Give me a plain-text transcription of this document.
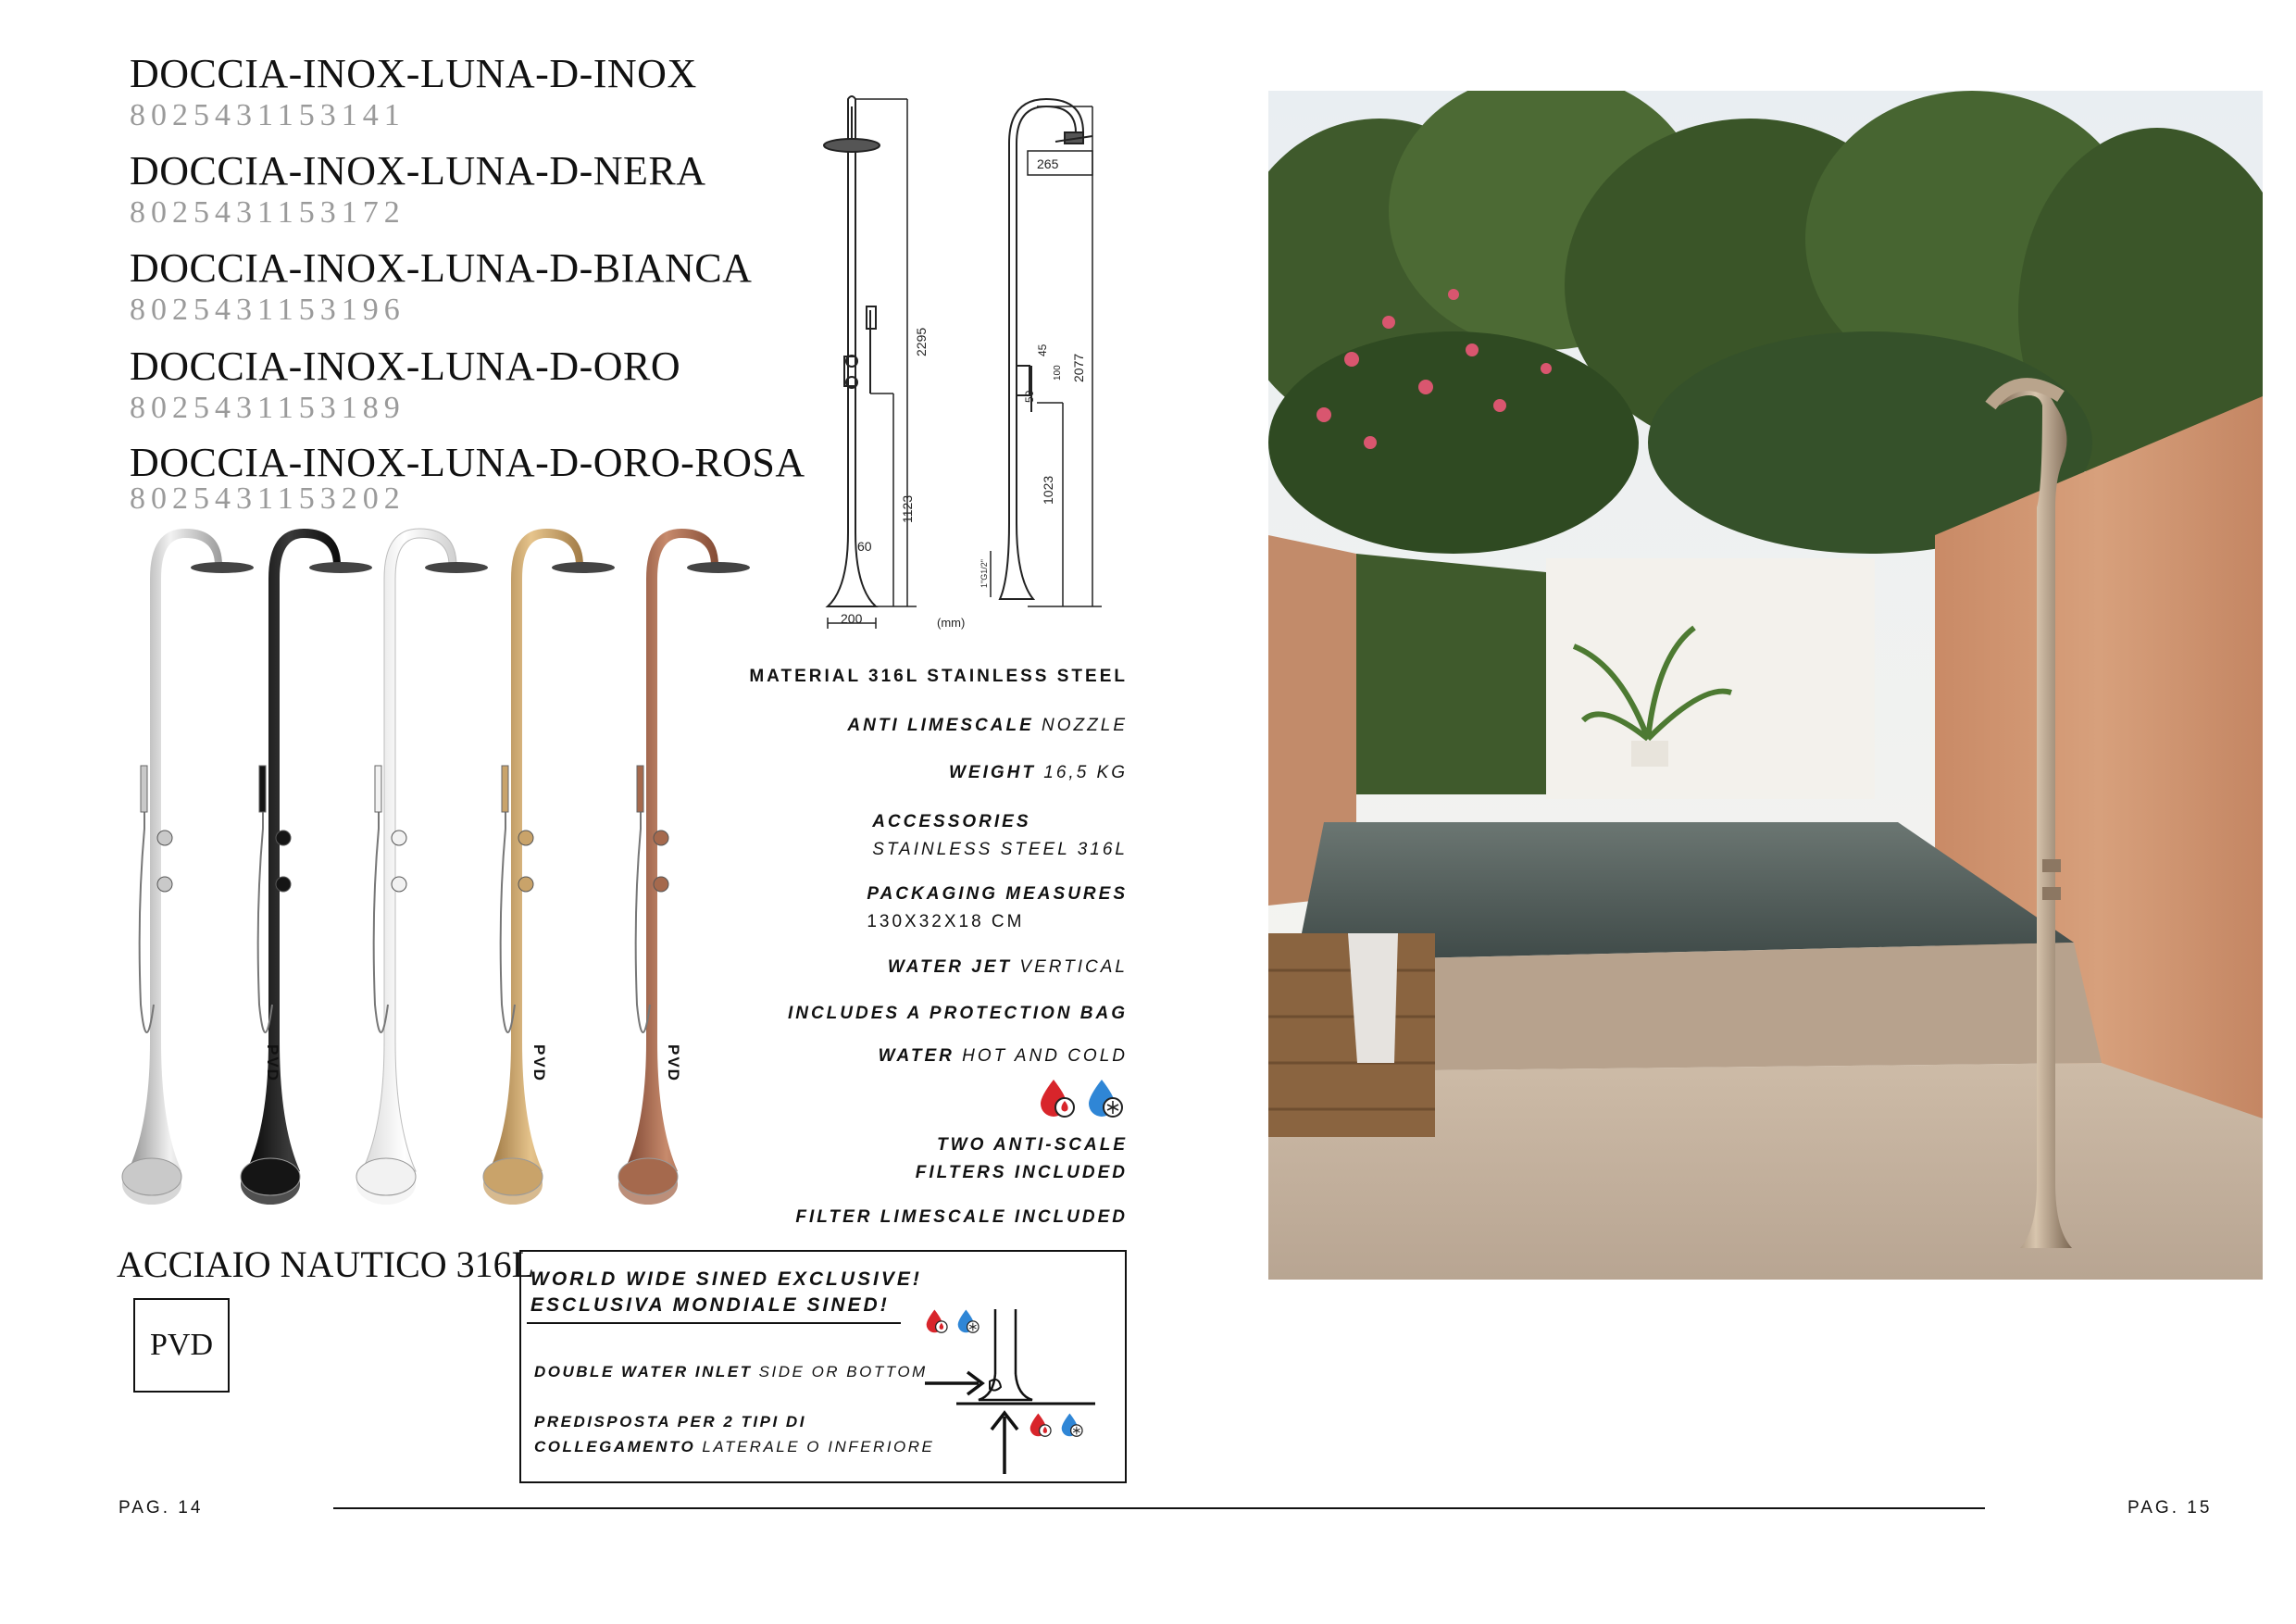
DOCCIA-INOX-LUNA-D-INOX
8025431153141
DOCCIA-INOX-LUNA-D-NERA
8025431153172
DOCCIA-INOX-LUNA-D-BIANCA
8025431153196
DOCCIA-INOX-LUNA-D-ORO
8025431153189
DOCCIA-INOX-LUNA-D-ORO-ROSA
8025431153202
PVD	PVD	PVD
60
2295
1123
200
265
2077
1023
45
50
100
1"G1/2"
(mm)
MATERIAL 316L STAINLESS STEEL
ANTI LIMESCALE NOZZLE
WEIGHT 16,5 KG
ACCESSORIES
STAINLESS STEEL 316L
PACKAGING MEASURES
130X32X18 CM
WATER JET VERTICAL
INCLUDES A PROTECTION BAG
WATER HOT AND COLD
TWO ANTI-SCALE
FILTERS INCLUDED
FILTER LIMESCALE INCLUDED
ACCIAIO NAUTICO 316L
PVD
WORLD WIDE SINED EXCLUSIVE!
ESCLUSIVA MONDIALE SINED!
DOUBLE WATER INLET SIDE OR BOTTOM
PREDISPOSTA PER 2 TIPI DI
COLLEGAMENTO LATERALE O INFERIORE
PAG. 14	PAG. 15
